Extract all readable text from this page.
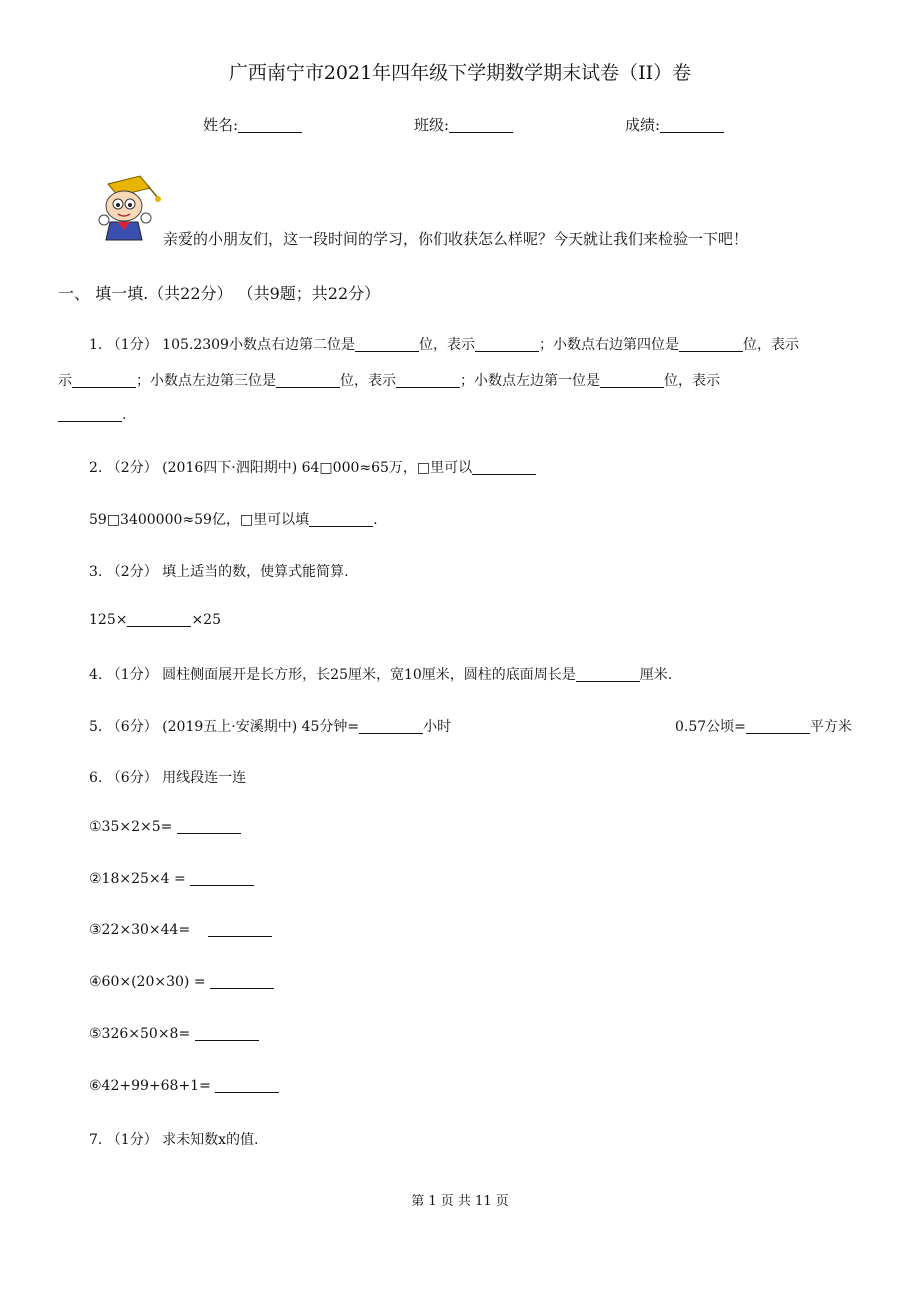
广西南宁市2021年四年级下学期数学期末试卷（II）卷
姓名:	班级:	成绩:
亲爱的小朋友们，这一段时间的学习，你们收获怎么样呢？今天就让我们来检验一下吧！
一、 填一填.（共22分） （共9题；共22分）
1. （1分） 105.2309小数点右边第二位是	位，表示	；小数点右边第四位是	位，表示
示	；小数点左边第三位是	位，表示	；小数点左边第一位是	位，表示
.
2. （2分） (2016四下·泗阳期中) 64□000≈65万，□里可以
59□3400000≈59亿，□里可以填	.
3. （2分） 填上适当的数，使算式能简算.
125×	×25
4. （1分） 圆柱侧面展开是长方形，长25厘米，宽10厘米，圆柱的底面周长是	厘米.
5. （6分） (2019五上·安溪期中) 45分钟=	小时	0.57公顷=	平方米
6. （6分） 用线段连一连
①35×2×5=
②18×25×4 =
③22×30×44=
④60×(20×30) =
⑤326×50×8=
⑥42+99+68+1=
7. （1分） 求未知数x的值.
第 1 页 共 11 页
